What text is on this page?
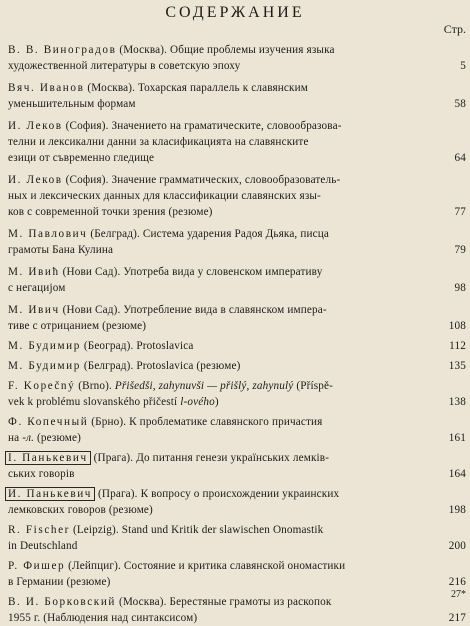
СОДЕРЖАНИЕ
Стр.
В. В. Виноградов (Москва). Общие проблемы изучения языка
художественной литературы в советскую эпоху	5
Вяч. Иванов (Москва). Тохарская параллель к славянским
уменьшительным формам	58
И. Леков (София). Значението на граматическите, словообразова-
телни и лексикални данни за класификацията на славянските
езици от съвременно гледище	64
И. Леков (София). Значение грамматических, словообразователь-
ных и лексических данных для классификации славянских язы-
ков с современной точки зрения (резюме)	77
М. Павлович (Белград). Система ударения Радоя Дьяка, писца
грамоты Бана Кулина	79
М. Ивић (Нови Сад). Употреба вида у словенском императиву
с негацијом	98
М. Ивич (Нови Сад). Употребление вида в славянском импера-
тиве с отрицанием (резюме)	108
М. Будимир (Београд). Protoslavica	112
М. Будимир (Белград). Protoslavica (резюме)	135
F. Kopečný (Brno). Přišedši, zahynuvši — přišlý, zahynulý (Příspě-
vek k problému slovanského přičestí l-ového)	138
Ф. Копечный (Брно). К проблематике славянского причастия
на -л. (резюме)	161
І. Панькевич (Прага). До питання генези українських лемків-
ських говорів	164
И. Панькевич (Прага). К вопросу о происхождении украинских
лемковских говоров (резюме)	198
R. Fischer (Leipzig). Stand und Kritik der slawischen Onomastik
in Deutschland	200
Р. Фишер (Лейпциг). Состояние и критика славянской ономастики
в Германии (резюме)	216
В. И. Борковский (Москва). Берестяные грамоты из раскопок
1955 г. (Наблюдения над синтаксисом)	217
27*
